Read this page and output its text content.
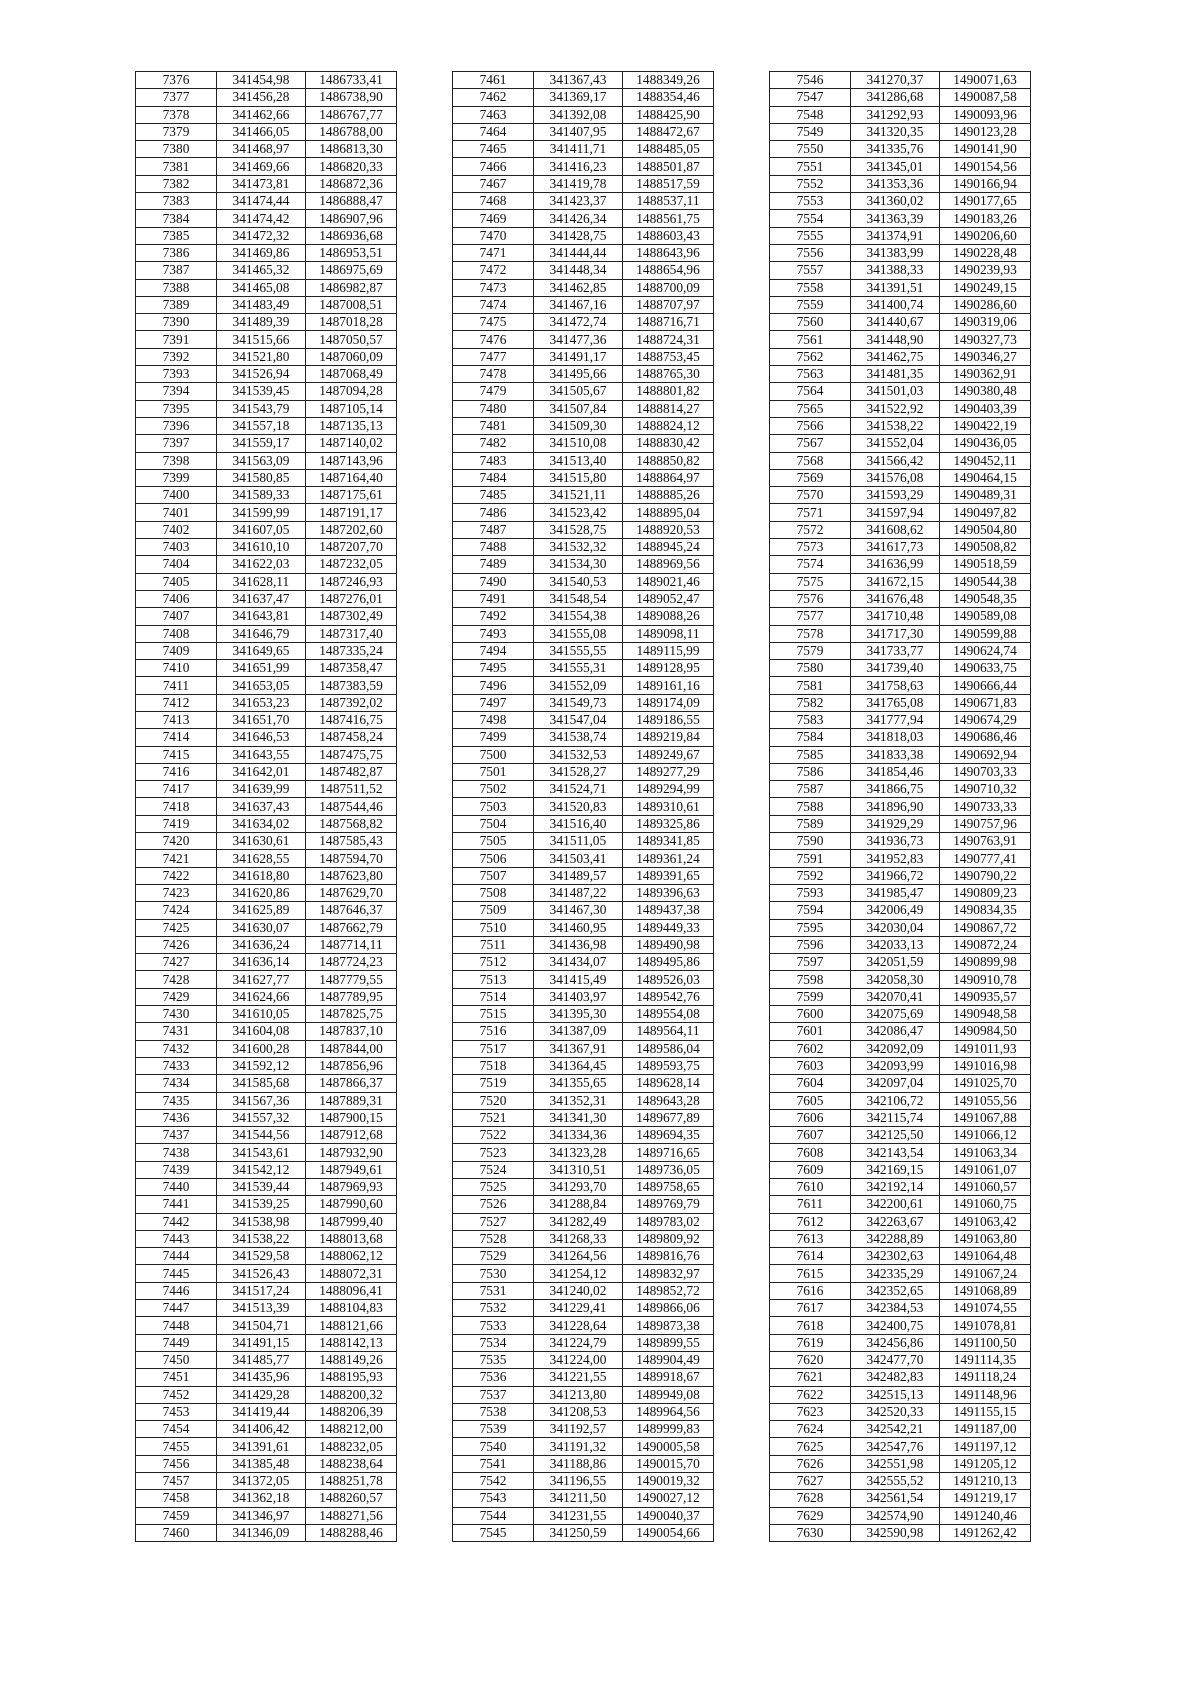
7376	341454,98	1486733,41
7377	341456,28	1486738,90
7378	341462,66	1486767,77
7379	341466,05	1486788,00
7380	341468,97	1486813,30
7381	341469,66	1486820,33
7382	341473,81	1486872,36
7383	341474,44	1486888,47
7384	341474,42	1486907,96
7385	341472,32	1486936,68
7386	341469,86	1486953,51
7387	341465,32	1486975,69
7388	341465,08	1486982,87
7389	341483,49	1487008,51
7390	341489,39	1487018,28
7391	341515,66	1487050,57
7392	341521,80	1487060,09
7393	341526,94	1487068,49
7394	341539,45	1487094,28
7395	341543,79	1487105,14
7396	341557,18	1487135,13
7397	341559,17	1487140,02
7398	341563,09	1487143,96
7399	341580,85	1487164,40
7400	341589,33	1487175,61
7401	341599,99	1487191,17
7402	341607,05	1487202,60
7403	341610,10	1487207,70
7404	341622,03	1487232,05
7405	341628,11	1487246,93
7406	341637,47	1487276,01
7407	341643,81	1487302,49
7408	341646,79	1487317,40
7409	341649,65	1487335,24
7410	341651,99	1487358,47
7411	341653,05	1487383,59
7412	341653,23	1487392,02
7413	341651,70	1487416,75
7414	341646,53	1487458,24
7415	341643,55	1487475,75
7416	341642,01	1487482,87
7417	341639,99	1487511,52
7418	341637,43	1487544,46
7419	341634,02	1487568,82
7420	341630,61	1487585,43
7421	341628,55	1487594,70
7422	341618,80	1487623,80
7423	341620,86	1487629,70
7424	341625,89	1487646,37
7425	341630,07	1487662,79
7426	341636,24	1487714,11
7427	341636,14	1487724,23
7428	341627,77	1487779,55
7429	341624,66	1487789,95
7430	341610,05	1487825,75
7431	341604,08	1487837,10
7432	341600,28	1487844,00
7433	341592,12	1487856,96
7434	341585,68	1487866,37
7435	341567,36	1487889,31
7436	341557,32	1487900,15
7437	341544,56	1487912,68
7438	341543,61	1487932,90
7439	341542,12	1487949,61
7440	341539,44	1487969,93
7441	341539,25	1487990,60
7442	341538,98	1487999,40
7443	341538,22	1488013,68
7444	341529,58	1488062,12
7445	341526,43	1488072,31
7446	341517,24	1488096,41
7447	341513,39	1488104,83
7448	341504,71	1488121,66
7449	341491,15	1488142,13
7450	341485,77	1488149,26
7451	341435,96	1488195,93
7452	341429,28	1488200,32
7453	341419,44	1488206,39
7454	341406,42	1488212,00
7455	341391,61	1488232,05
7456	341385,48	1488238,64
7457	341372,05	1488251,78
7458	341362,18	1488260,57
7459	341346,97	1488271,56
7460	341346,09	1488288,46
7461	341367,43	1488349,26
7462	341369,17	1488354,46
7463	341392,08	1488425,90
7464	341407,95	1488472,67
7465	341411,71	1488485,05
7466	341416,23	1488501,87
7467	341419,78	1488517,59
7468	341423,37	1488537,11
7469	341426,34	1488561,75
7470	341428,75	1488603,43
7471	341444,44	1488643,96
7472	341448,34	1488654,96
7473	341462,85	1488700,09
7474	341467,16	1488707,97
7475	341472,74	1488716,71
7476	341477,36	1488724,31
7477	341491,17	1488753,45
7478	341495,66	1488765,30
7479	341505,67	1488801,82
7480	341507,84	1488814,27
7481	341509,30	1488824,12
7482	341510,08	1488830,42
7483	341513,40	1488850,82
7484	341515,80	1488864,97
7485	341521,11	1488885,26
7486	341523,42	1488895,04
7487	341528,75	1488920,53
7488	341532,32	1488945,24
7489	341534,30	1488969,56
7490	341540,53	1489021,46
7491	341548,54	1489052,47
7492	341554,38	1489088,26
7493	341555,08	1489098,11
7494	341555,55	1489115,99
7495	341555,31	1489128,95
7496	341552,09	1489161,16
7497	341549,73	1489174,09
7498	341547,04	1489186,55
7499	341538,74	1489219,84
7500	341532,53	1489249,67
7501	341528,27	1489277,29
7502	341524,71	1489294,99
7503	341520,83	1489310,61
7504	341516,40	1489325,86
7505	341511,05	1489341,85
7506	341503,41	1489361,24
7507	341489,57	1489391,65
7508	341487,22	1489396,63
7509	341467,30	1489437,38
7510	341460,95	1489449,33
7511	341436,98	1489490,98
7512	341434,07	1489495,86
7513	341415,49	1489526,03
7514	341403,97	1489542,76
7515	341395,30	1489554,08
7516	341387,09	1489564,11
7517	341367,91	1489586,04
7518	341364,45	1489593,75
7519	341355,65	1489628,14
7520	341352,31	1489643,28
7521	341341,30	1489677,89
7522	341334,36	1489694,35
7523	341323,28	1489716,65
7524	341310,51	1489736,05
7525	341293,70	1489758,65
7526	341288,84	1489769,79
7527	341282,49	1489783,02
7528	341268,33	1489809,92
7529	341264,56	1489816,76
7530	341254,12	1489832,97
7531	341240,02	1489852,72
7532	341229,41	1489866,06
7533	341228,64	1489873,38
7534	341224,79	1489899,55
7535	341224,00	1489904,49
7536	341221,55	1489918,67
7537	341213,80	1489949,08
7538	341208,53	1489964,56
7539	341192,57	1489999,83
7540	341191,32	1490005,58
7541	341188,86	1490015,70
7542	341196,55	1490019,32
7543	341211,50	1490027,12
7544	341231,55	1490040,37
7545	341250,59	1490054,66
7546	341270,37	1490071,63
7547	341286,68	1490087,58
7548	341292,93	1490093,96
7549	341320,35	1490123,28
7550	341335,76	1490141,90
7551	341345,01	1490154,56
7552	341353,36	1490166,94
7553	341360,02	1490177,65
7554	341363,39	1490183,26
7555	341374,91	1490206,60
7556	341383,99	1490228,48
7557	341388,33	1490239,93
7558	341391,51	1490249,15
7559	341400,74	1490286,60
7560	341440,67	1490319,06
7561	341448,90	1490327,73
7562	341462,75	1490346,27
7563	341481,35	1490362,91
7564	341501,03	1490380,48
7565	341522,92	1490403,39
7566	341538,22	1490422,19
7567	341552,04	1490436,05
7568	341566,42	1490452,11
7569	341576,08	1490464,15
7570	341593,29	1490489,31
7571	341597,94	1490497,82
7572	341608,62	1490504,80
7573	341617,73	1490508,82
7574	341636,99	1490518,59
7575	341672,15	1490544,38
7576	341676,48	1490548,35
7577	341710,48	1490589,08
7578	341717,30	1490599,88
7579	341733,77	1490624,74
7580	341739,40	1490633,75
7581	341758,63	1490666,44
7582	341765,08	1490671,83
7583	341777,94	1490674,29
7584	341818,03	1490686,46
7585	341833,38	1490692,94
7586	341854,46	1490703,33
7587	341866,75	1490710,32
7588	341896,90	1490733,33
7589	341929,29	1490757,96
7590	341936,73	1490763,91
7591	341952,83	1490777,41
7592	341966,72	1490790,22
7593	341985,47	1490809,23
7594	342006,49	1490834,35
7595	342030,04	1490867,72
7596	342033,13	1490872,24
7597	342051,59	1490899,98
7598	342058,30	1490910,78
7599	342070,41	1490935,57
7600	342075,69	1490948,58
7601	342086,47	1490984,50
7602	342092,09	1491011,93
7603	342093,99	1491016,98
7604	342097,04	1491025,70
7605	342106,72	1491055,56
7606	342115,74	1491067,88
7607	342125,50	1491066,12
7608	342143,54	1491063,34
7609	342169,15	1491061,07
7610	342192,14	1491060,57
7611	342200,61	1491060,75
7612	342263,67	1491063,42
7613	342288,89	1491063,80
7614	342302,63	1491064,48
7615	342335,29	1491067,24
7616	342352,65	1491068,89
7617	342384,53	1491074,55
7618	342400,75	1491078,81
7619	342456,86	1491100,50
7620	342477,70	1491114,35
7621	342482,83	1491118,24
7622	342515,13	1491148,96
7623	342520,33	1491155,15
7624	342542,21	1491187,00
7625	342547,76	1491197,12
7626	342551,98	1491205,12
7627	342555,52	1491210,13
7628	342561,54	1491219,17
7629	342574,90	1491240,46
7630	342590,98	1491262,42
